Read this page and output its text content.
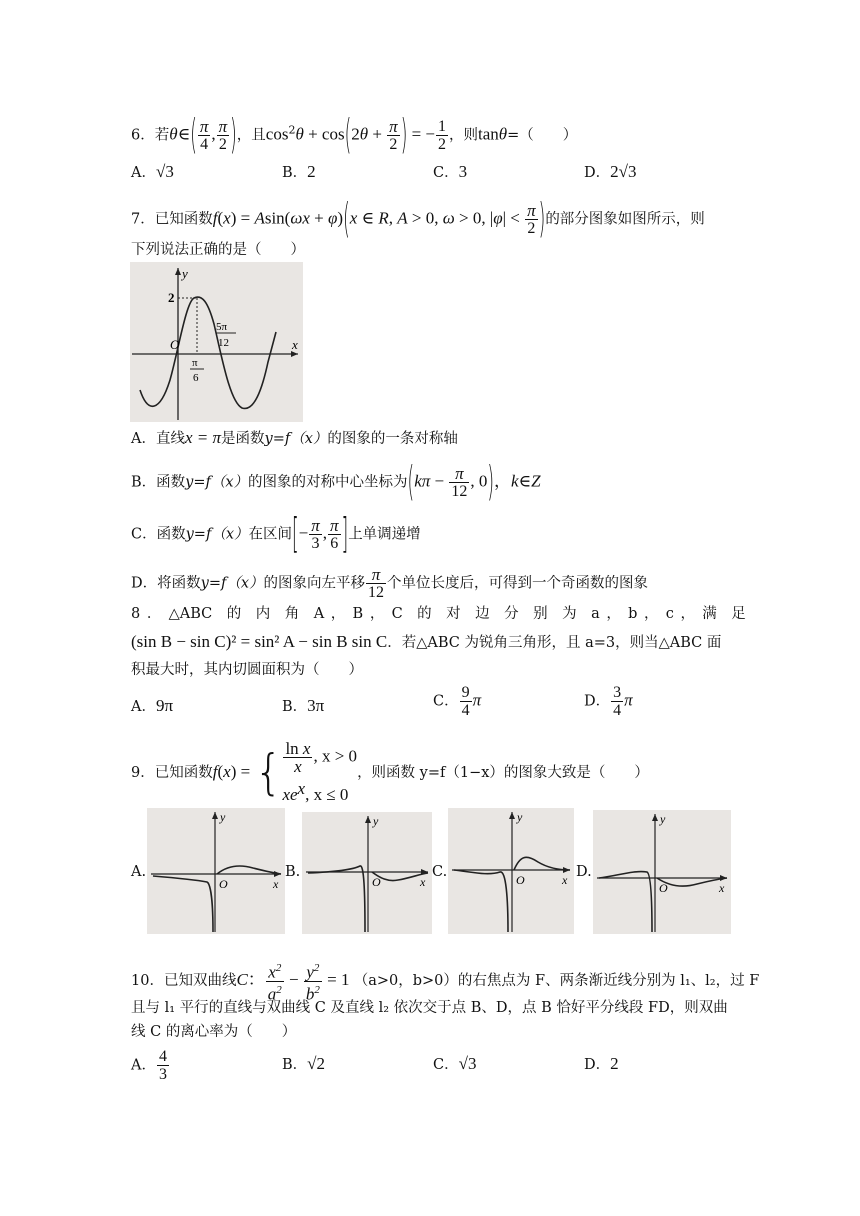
6．若θ∈( $\frac{\pi}{4}$ , $\frac{\pi}{2}$ )，且$\cos^2\theta + \cos(2\theta + \frac{\pi}{2}$ ) = − $\frac{1}{2}$ ，则tanθ=（　　）
A．√3	B．2	C．3	D．2√3
7．已知函数f(x) = Asin(ωx + φ)(x ∈ R, A > 0, ω > 0, $|\varphi| < \frac{\pi}{2}$ )的部分图象如图所示，则
下列说法正确的是（　　）
y
x
2
O
5π
12
π
6
A．直线x = π是函数y=f（x）的图象的一条对称轴
B．函数y=f（x）的图象的对称中心坐标为($k\pi - \frac{\pi}{12}$ , 0)，k∈Z
C．函数y=f（x）在区间[− $\frac{\pi}{3}$ , $\frac{\pi}{6}$ ]上单调递增
D．将函数y=f（x）的图象向左平移 $\frac{\pi}{12}$ 个单位长度后，可得到一个奇函数的图象
8 ．　△ABC　的　内　角　A ，　B ，　C　的　对　边　分　别　为　a ，　b ，　c ，　满　足
(sin B − sin C)² = sin² A − sin B sin C．若△ABC 为锐角三角形，且 a=3，则当△ABC 面
积最大时，其内切圆面积为（　　）
A．9π	B．3π	C． $\frac{9}{4}$ π	D． $\frac{3}{4}$ π
9．已知函数f(x) = { $\frac{\text{ln x}}{x}$ , x > 0
$xe^x$, x ≤ 0
，则函数 y=f（1−x）的图象大致是（　　）
A.
y
x
O
B.
y
x
O
C.
y
x
O	D.
y
x
O
10．已知双曲线C： $\frac{x^2}{a^2} - \frac{y^2}{b^2} = 1$ （a>0，b>0）的右焦点为 F、两条渐近线分别为 l₁、l₂，过 F
且与 l₁ 平行的直线与双曲线 C 及直线 l₂ 依次交于点 B、D，点 B 恰好平分线段 FD，则双曲
线 C 的离心率为（　　）
A． $\frac{4}{3}$	B．√2	C．√3	D．2
